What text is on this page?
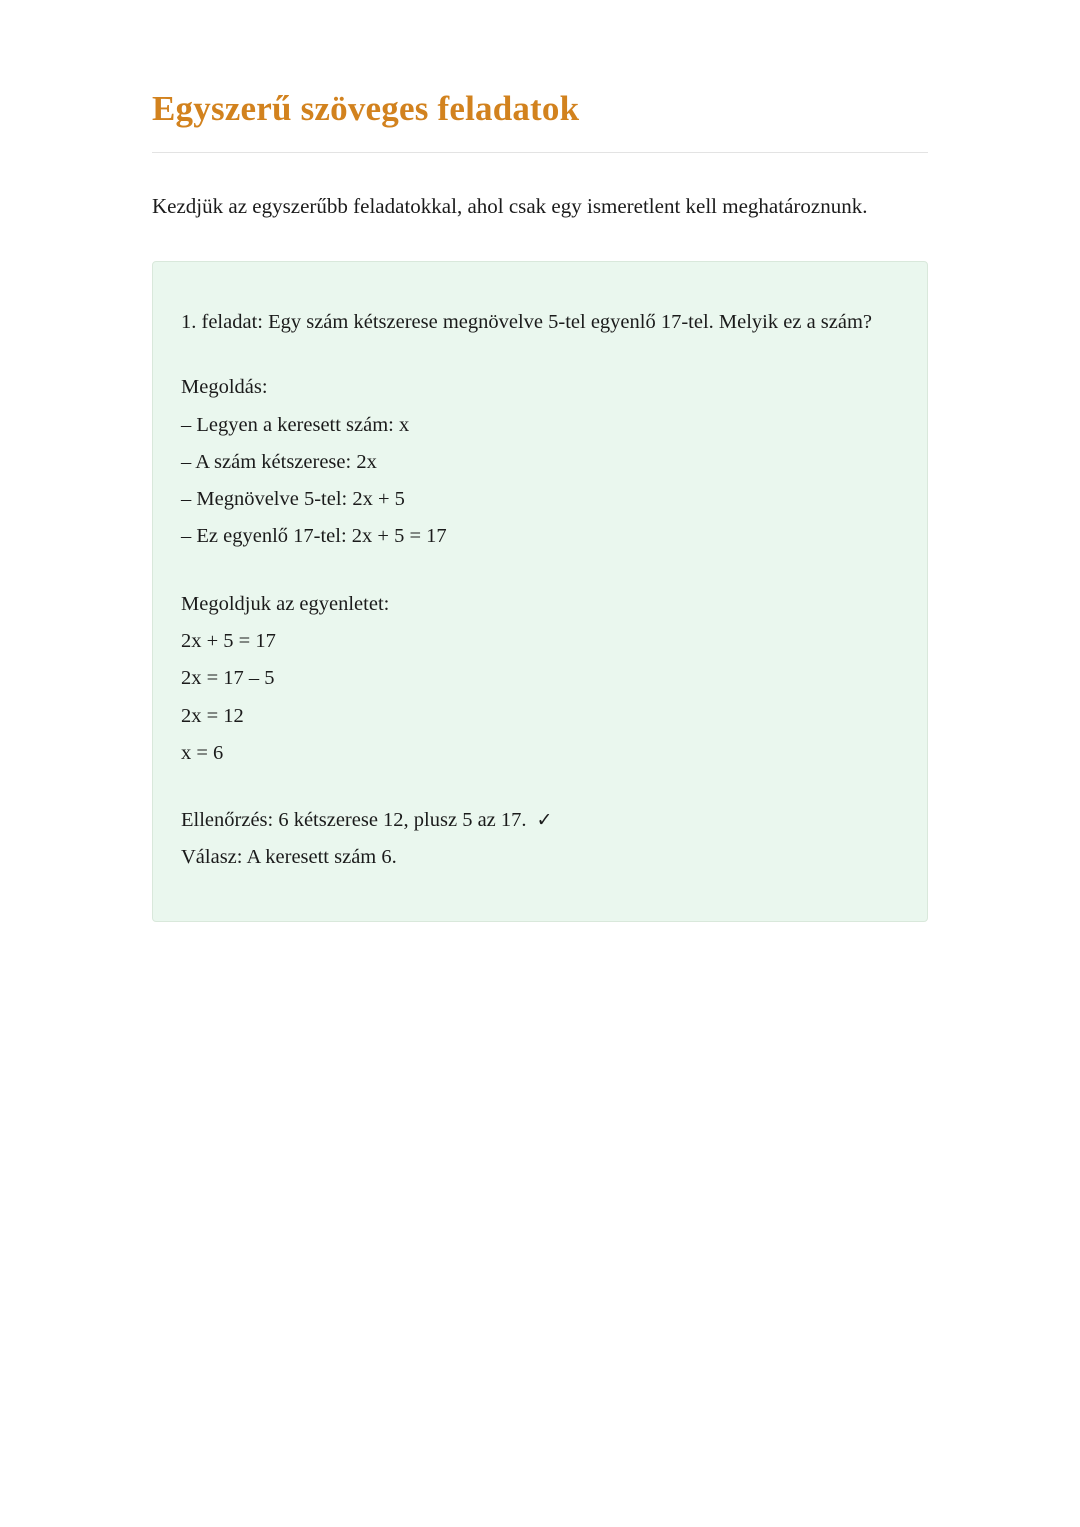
Egyszerű szöveges feladatok

Kezdjük az egyszerűbb feladatokkal, ahol csak egy ismeretlent kell meghatároznunk.

1. feladat: Egy szám kétszerese megnövelve 5-tel egyenlő 17-tel. Melyik ez a szám?

Megoldás:

– Legyen a keresett szám: x

– A szám kétszerese: 2x

– Megnövelve 5-tel: 2x + 5

– Ez egyenlő 17-tel: 2x + 5 = 17

Megoldjuk az egyenletet:

2x + 5 = 17

2x = 17 – 5

2x = 12

x = 6

Ellenőrzés: 6 kétszerese 12, plusz 5 az 17. ✓

Válasz: A keresett szám 6.
